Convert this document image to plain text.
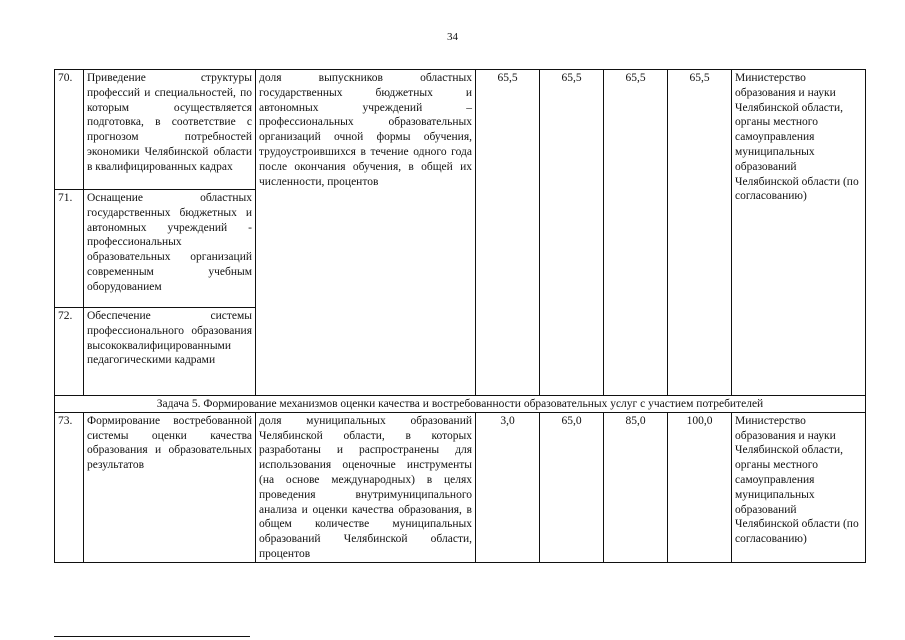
34
70.	Приведение структуры профессий и специальностей, по которым осуществляется подготовка, в соответствие с прогнозом потребностей экономики Челябинской области в квалифицированных кадрах	доля выпускников областных государственных бюджетных и автономных учреждений – профессиональных образовательных организаций очной формы обучения, трудоустроившихся в течение одного года после окончания обучения, в общей их численности, процентов	65,5	65,5	65,5	65,5	Министерство образования и науки Челябинской области, органы местного самоуправления муниципальных образований Челябинской области (по согласованию)
71.	Оснащение областных государственных бюджетных и автономных учреждений - профессиональных образовательных организаций современным учебным оборудованием						
72.	Обеспечение системы профессионального образования высококвалифицированными педагогическими кадрами						
Задача 5. Формирование механизмов оценки качества и востребованности образовательных услуг с участием потребителей							
73.	Формирование востребованной системы оценки качества образования и образовательных результатов	доля муниципальных образований Челябинской области, в которых разработаны и распространены для использования оценочные инструменты (на основе международных) в целях проведения внутримуниципального анализа и оценки качества образования, в общем количестве муниципальных образований Челябинской области, процентов	3,0	65,0	85,0	100,0	Министерство образования и науки Челябинской области, органы местного самоуправления муниципальных образований Челябинской области (по согласованию)
